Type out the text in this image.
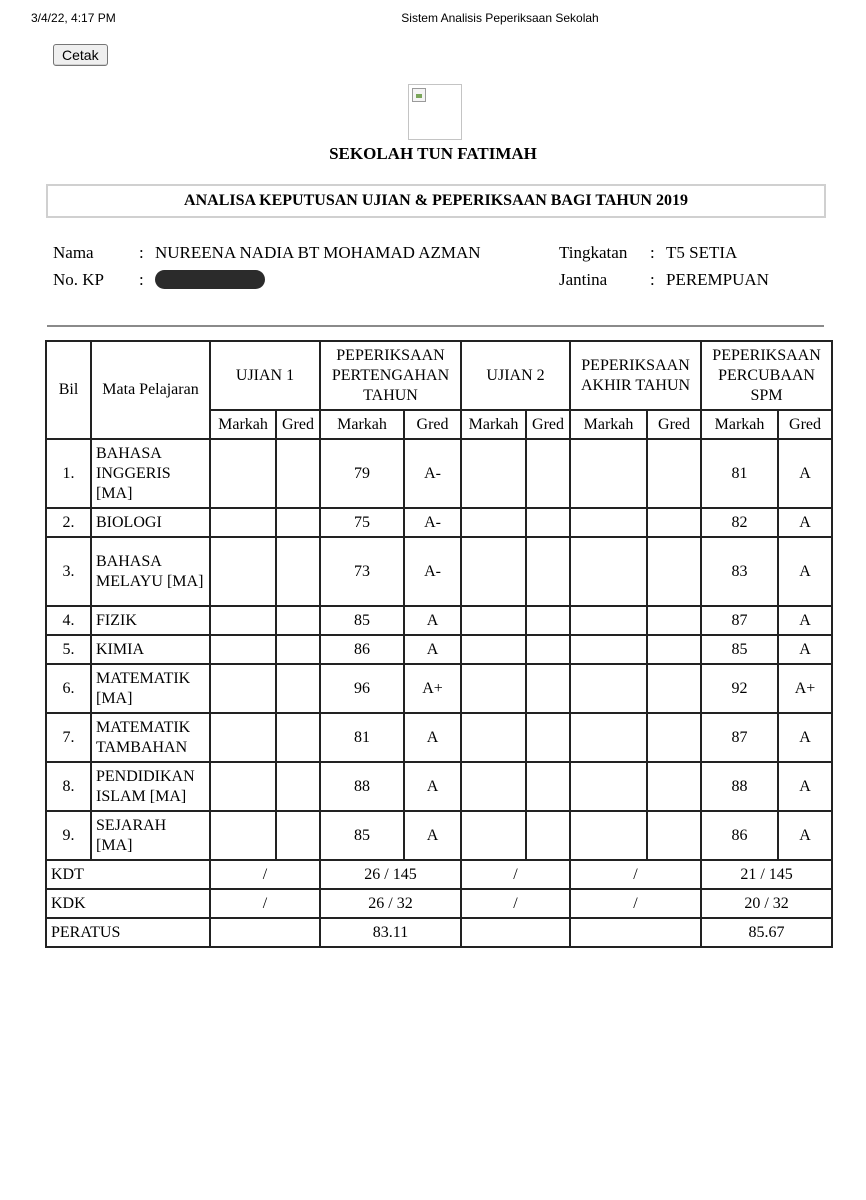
3/4/22, 4:17 PM	Sistem Analisis Peperiksaan Sekolah
Cetak
SEKOLAH TUN FATIMAH
ANALISA KEPUTUSAN UJIAN & PEPERIKSAAN BAGI TAHUN 2019
Nama	: NUREENA NADIA BT MOHAMAD AZMAN
No. KP :
Tingkatan : T5 SETIA
Jantina	: PEREMPUAN
Bil	Mata Pelajaran	UJIAN 1		PEPERIKSAAN PERTENGAHAN TAHUN		UJIAN 2		PEPERIKSAAN AKHIR TAHUN		PEPERIKSAAN PERCUBAAN SPM	
		Markah	Gred	Markah	Gred	Markah	Gred	Markah	Gred	Markah	Gred
1.	BAHASA INGGERIS [MA]			79	A-					81	A
2.	BIOLOGI			75	A-					82	A
3.	BAHASA MELAYU [MA]			73	A-					83	A
4.	FIZIK			85	A					87	A
5.	KIMIA			86	A					85	A
6.	MATEMATIK [MA]			96	A+					92	A+
7.	MATEMATIK TAMBAHAN			81	A					87	A
8.	PENDIDIKAN ISLAM [MA]			88	A					88	A
9.	SEJARAH [MA]			85	A					86	A
KDT		/		26 / 145		/		/		21 / 145	
KDK		/		26 / 32		/		/		20 / 32	
PERATUS				83.11						85.67	
